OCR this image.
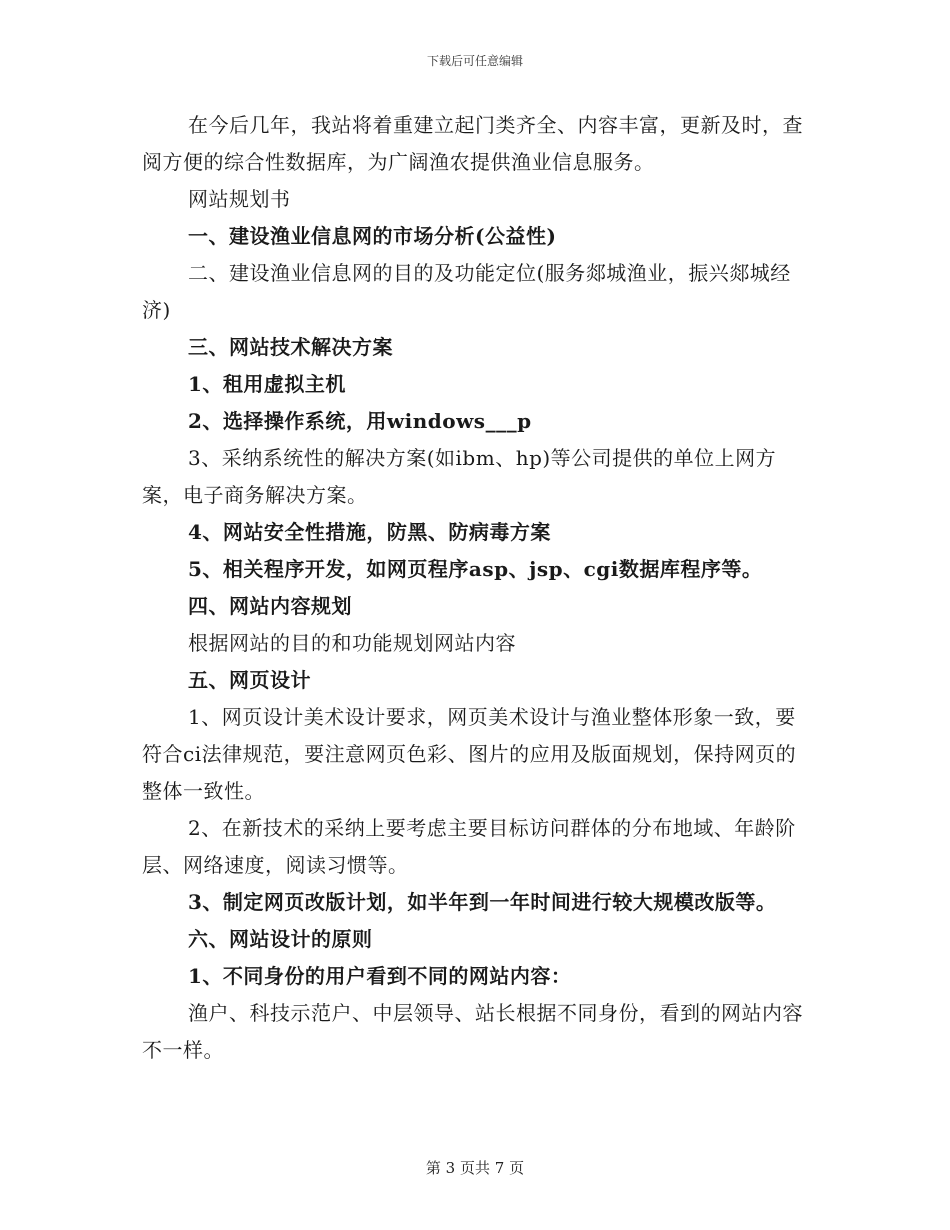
下载后可任意编辑

在今后几年，我站将着重建立起门类齐全、内容丰富，更新及时，查阅方便的综合性数据库，为广阔渔农提供渔业信息服务。

网站规划书

一、建设渔业信息网的市场分析(公益性)

二、建设渔业信息网的目的及功能定位(服务郯城渔业，振兴郯城经济)

三、网站技术解决方案

1、租用虚拟主机

2、选择操作系统，用windows___p

3、采纳系统性的解决方案(如ibm、hp)等公司提供的单位上网方案，电子商务解决方案。

4、网站安全性措施，防黑、防病毒方案

5、相关程序开发，如网页程序asp、jsp、cgi数据库程序等。

四、网站内容规划

根据网站的目的和功能规划网站内容

五、网页设计

1、网页设计美术设计要求，网页美术设计与渔业整体形象一致，要符合ci法律规范，要注意网页色彩、图片的应用及版面规划，保持网页的整体一致性。

2、在新技术的采纳上要考虑主要目标访问群体的分布地域、年龄阶层、网络速度，阅读习惯等。

3、制定网页改版计划，如半年到一年时间进行较大规模改版等。

六、网站设计的原则

1、不同身份的用户看到不同的网站内容：

渔户、科技示范户、中层领导、站长根据不同身份，看到的网站内容不一样。

第 3 页共 7 页
